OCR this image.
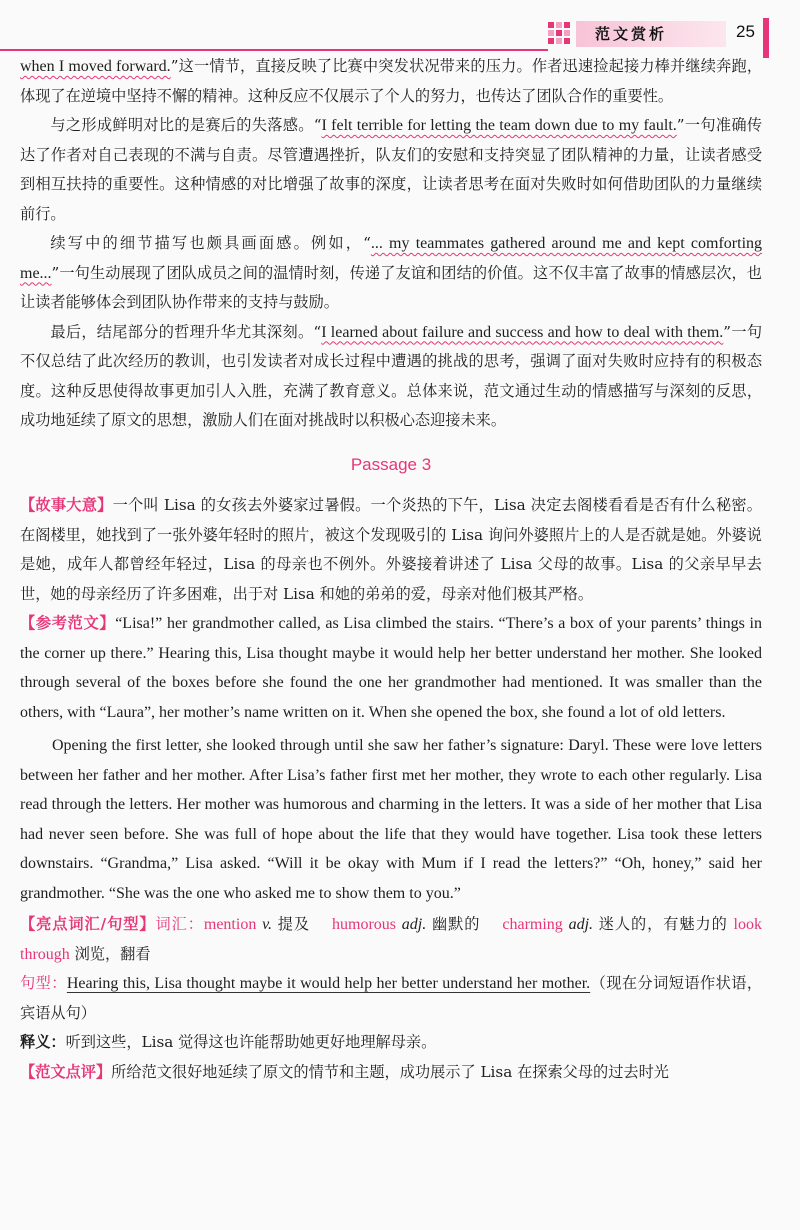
范文赏析	25

when I moved forward.”这一情节，直接反映了比赛中突发状况带来的压力。作者迅速捡起接力棒并继续奔跑，体现了在逆境中坚持不懈的精神。这种反应不仅展示了个人的努力，也传达了团队合作的重要性。

与之形成鲜明对比的是赛后的失落感。“I felt terrible for letting the team down due to my fault.”一句准确传达了作者对自己表现的不满与自责。尽管遭遇挫折，队友们的安慰和支持突显了团队精神的力量，让读者感受到相互扶持的重要性。这种情感的对比增强了故事的深度，让读者思考在面对失败时如何借助团队的力量继续前行。

续写中的细节描写也颇具画面感。例如，“... my teammates gathered around me and kept comforting me...”一句生动展现了团队成员之间的温情时刻，传递了友谊和团结的价值。这不仅丰富了故事的情感层次，也让读者能够体会到团队协作带来的支持与鼓励。

最后，结尾部分的哲理升华尤其深刻。“I learned about failure and success and how to deal with them.”一句不仅总结了此次经历的教训，也引发读者对成长过程中遭遇的挑战的思考，强调了面对失败时应持有的积极态度。这种反思使得故事更加引人入胜，充满了教育意义。总体来说，范文通过生动的情感描写与深刻的反思，成功地延续了原文的思想，激励人们在面对挑战时以积极心态迎接未来。

Passage 3

【故事大意】一个叫 Lisa 的女孩去外婆家过暑假。一个炎热的下午，Lisa 决定去阁楼看看是否有什么秘密。在阁楼里，她找到了一张外婆年轻时的照片，被这个发现吸引的 Lisa 询问外婆照片上的人是否就是她。外婆说是她，成年人都曾经年轻过，Lisa 的母亲也不例外。外婆接着讲述了 Lisa 父母的故事。Lisa 的父亲早早去世，她的母亲经历了许多困难，出于对 Lisa 和她的弟弟的爱，母亲对他们极其严格。

【参考范文】“Lisa!” her grandmother called, as Lisa climbed the stairs. “There’s a box of your parents’ things in the corner up there.” Hearing this, Lisa thought maybe it would help her better understand her mother. She looked through several of the boxes before she found the one her grandmother had mentioned. It was smaller than the others, with “Laura”, her mother’s name written on it. When she opened the box, she found a lot of old letters.

Opening the first letter, she looked through until she saw her father’s signature: Daryl. These were love letters between her father and her mother. After Lisa’s father first met her mother, they wrote to each other regularly. Lisa read through the letters. Her mother was humorous and charming in the letters. It was a side of her mother that Lisa had never seen before. She was full of hope about the life that they would have together. Lisa took these letters downstairs. “Grandma,” Lisa asked. “Will it be okay with Mum if I read the letters?” “Oh, honey,” said her grandmother. “She was the one who asked me to show them to you.”

【亮点词汇/句型】词汇：mention v. 提及 humorous adj. 幽默的 charming adj. 迷人的，有魅力的 look through 浏览，翻看

句型：Hearing this, Lisa thought maybe it would help her better understand her mother.（现在分词短语作状语，宾语从句）

释义：听到这些，Lisa 觉得这也许能帮助她更好地理解母亲。

【范文点评】所给范文很好地延续了原文的情节和主题，成功展示了 Lisa 在探索父母的过去时光
